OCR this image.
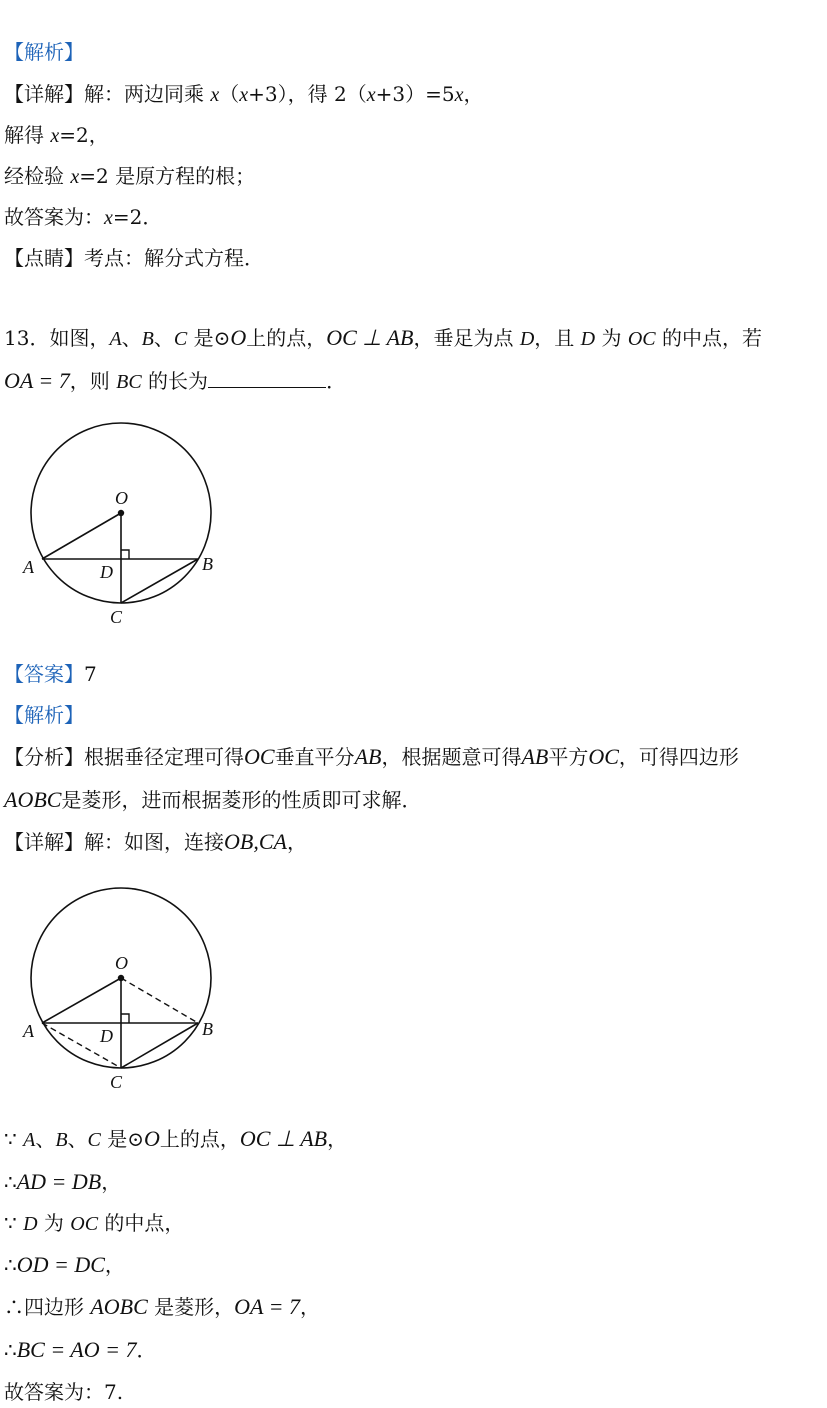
【解析】
【详解】解：两边同乘 x（x+3），得 2（x+3）=5x，
解得 x=2，
经检验 x=2 是原方程的根；
故答案为：x=2．
【点睛】考点：解分式方程．
13．如图，A、B、C 是⊙O上的点，OC ⊥ AB，垂足为点 D，且 D 为 OC 的中点，若
OA = 7，则 BC 的长为	．
O
A	B
C
D
【答案】7
【解析】
【分析】根据垂径定理可得OC垂直平分AB，根据题意可得AB平方OC，可得四边形
AOBC是菱形，进而根据菱形的性质即可求解．
【详解】解：如图，连接OB,CA，
O
A	B
C
D
∵ A、B、C 是⊙O上的点，OC ⊥ AB，
∴AD = DB，
∵ D 为 OC 的中点，
∴OD = DC，
∴四边形 AOBC 是菱形，OA = 7，
∴BC = AO = 7．
故答案为：7.
